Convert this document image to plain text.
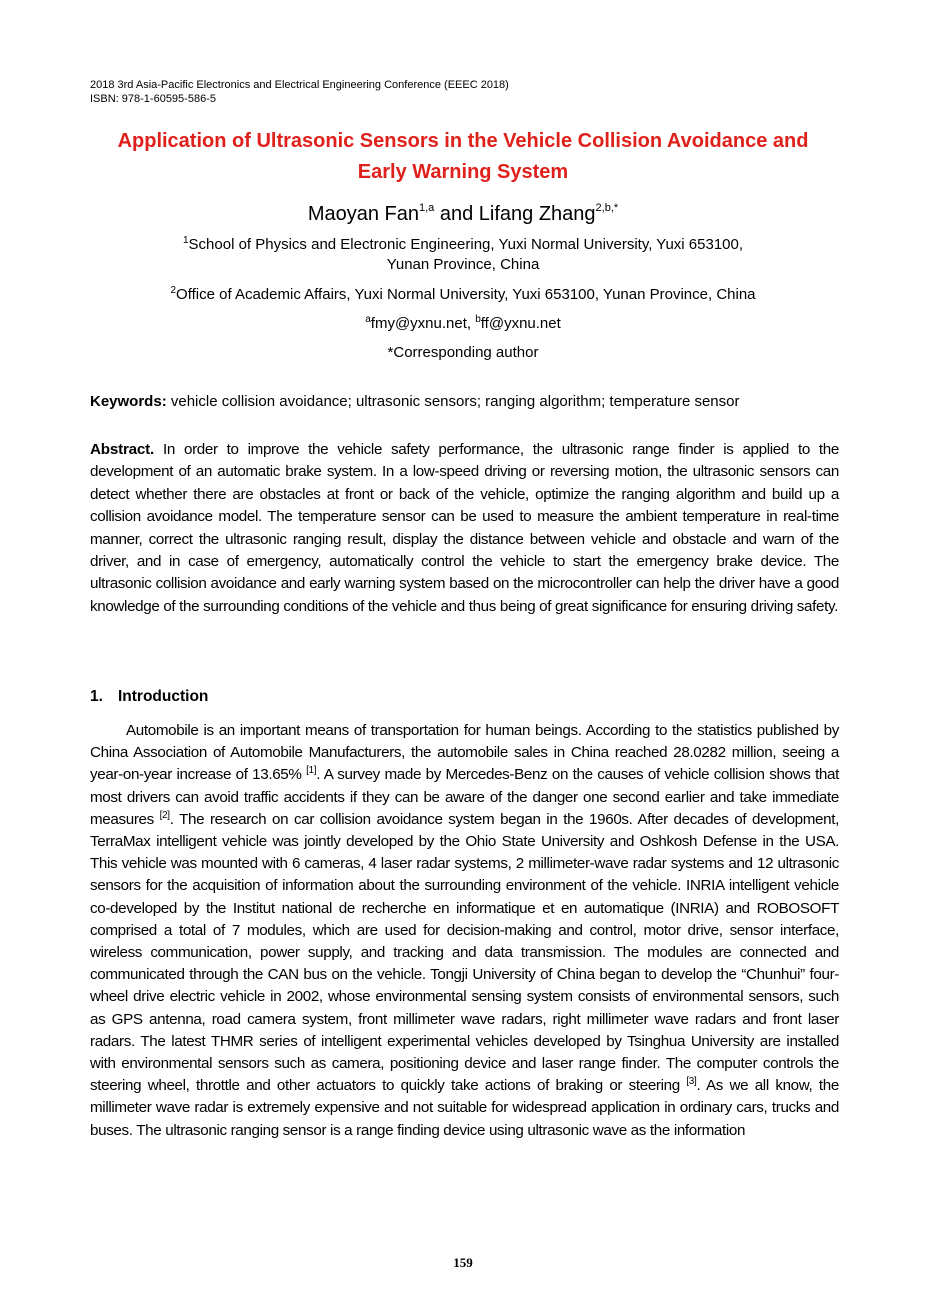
2018 3rd Asia-Pacific Electronics and Electrical Engineering Conference (EEEC 2018)
ISBN: 978-1-60595-586-5
Application of Ultrasonic Sensors in the Vehicle Collision Avoidance and
Early Warning System
Maoyan Fan$^{1,a}$ and Lifang Zhang$^{2,b,*}$
$^1$School of Physics and Electronic Engineering, Yuxi Normal University, Yuxi 653100,
Yunan Province, China
$^2$Office of Academic Affairs, Yuxi Normal University, Yuxi 653100, Yunan Province, China
$^a$fmy@yxnu.net, $^b$ff@yxnu.net
*Corresponding author
Keywords: vehicle collision avoidance; ultrasonic sensors; ranging algorithm; temperature sensor
Abstract. In order to improve the vehicle safety performance, the ultrasonic range finder is applied to the development of an automatic brake system. In a low-speed driving or reversing motion, the ultrasonic sensors can detect whether there are obstacles at front or back of the vehicle, optimize the ranging algorithm and build up a collision avoidance model. The temperature sensor can be used to measure the ambient temperature in real-time manner, correct the ultrasonic ranging result, display the distance between vehicle and obstacle and warn of the driver, and in case of emergency, automatically control the vehicle to start the emergency brake device. The ultrasonic collision avoidance and early warning system based on the microcontroller can help the driver have a good knowledge of the surrounding conditions of the vehicle and thus being of great significance for ensuring driving safety.
1. Introduction
Automobile is an important means of transportation for human beings. According to the statistics published by China Association of Automobile Manufacturers, the automobile sales in China reached 28.0282 million, seeing a year-on-year increase of 13.65% [1]. A survey made by Mercedes-Benz on the causes of vehicle collision shows that most drivers can avoid traffic accidents if they can be aware of the danger one second earlier and take immediate measures [2]. The research on car collision avoidance system began in the 1960s. After decades of development, TerraMax intelligent vehicle was jointly developed by the Ohio State University and Oshkosh Defense in the USA. This vehicle was mounted with 6 cameras, 4 laser radar systems, 2 millimeter-wave radar systems and 12 ultrasonic sensors for the acquisition of information about the surrounding environment of the vehicle. INRIA intelligent vehicle co-developed by the Institut national de recherche en informatique et en automatique (INRIA) and ROBOSOFT comprised a total of 7 modules, which are used for decision-making and control, motor drive, sensor interface, wireless communication, power supply, and tracking and data transmission. The modules are connected and communicated through the CAN bus on the vehicle. Tongji University of China began to develop the “Chunhui” four-wheel drive electric vehicle in 2002, whose environmental sensing system consists of environmental sensors, such as GPS antenna, road camera system, front millimeter wave radars, right millimeter wave radars and front laser radars. The latest THMR series of intelligent experimental vehicles developed by Tsinghua University are installed with environmental sensors such as camera, positioning device and laser range finder. The computer controls the steering wheel, throttle and other actuators to quickly take actions of braking or steering [3]. As we all know, the millimeter wave radar is extremely expensive and not suitable for widespread application in ordinary cars, trucks and buses. The ultrasonic ranging sensor is a range finding device using ultrasonic wave as the information
159
